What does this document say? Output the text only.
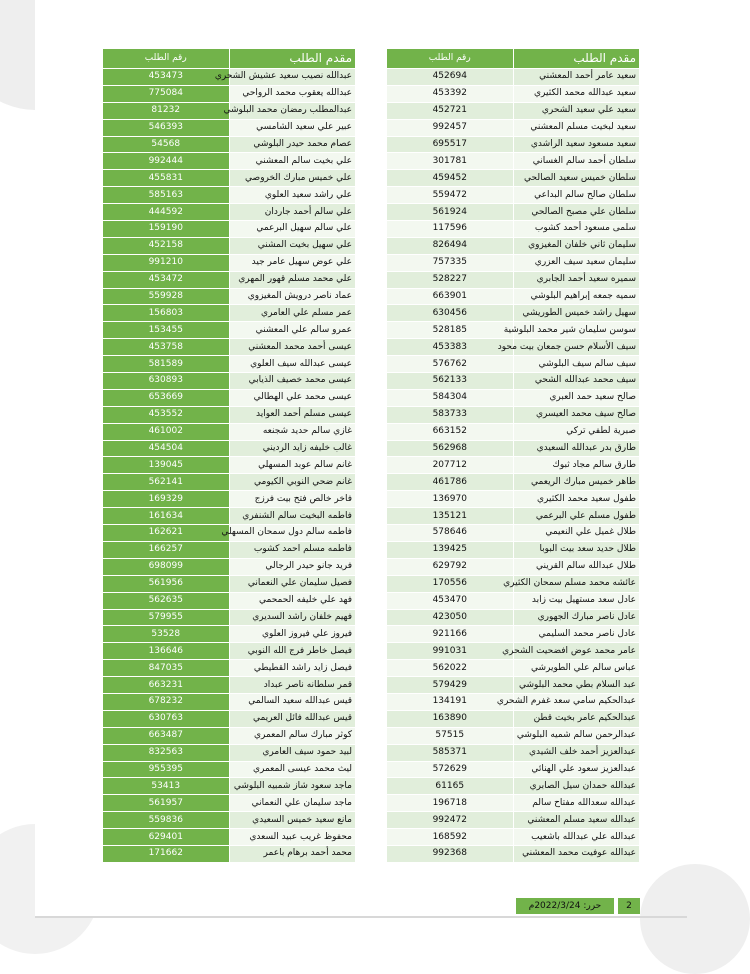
مقدم الطلب	رقم الطلب
سعيد عامر أحمد المعشني	452694
سعيد عبدالله محمد الكثيري	453392
سعيد علي سعيد الشحري	452721
سعيد لبخيت مسلم المعشني	992457
سعيد مسعود سعيد الراشدي	695517
سلطان أحمد سالم الغساني	301781
سلطان خميس سعيد الصالحي	459452
سلطان صالح سالم البداعي	559472
سلطان علي مصبح الصالحي	561924
سلمى مسعود أحمد كشوب	117596
سليمان ثاني خلفان المغيزوي	826494
سليمان سعيد سيف العزري	757335
سميره سعيد أحمد الجابري	528227
سميه جمعه إبراهيم البلوشي	663901
سهيل راشد خميس الطوريشي	630456
سوسن سليمان شير محمد البلوشية	528185
سيف الأسلام حسن جمعان بيت محود	453383
سيف سالم سيف البلوشي	576762
سيف محمد عبدالله الشحي	562133
صالح سعيد حمد العبري	584304
صالح سيف محمد العيسري	583733
صبرية لطفي تركي	663152
طارق بدر عبدالله السعيدي	562968
طارق سالم مجاد ثبوك	207712
طاهر خميس مبارك الريعمي	461786
طفول سعيد محمد الكثيري	136970
طفول مسلم علي البرعمي	135121
طلال غميل علي النعيمي	578646
طلال حديد سعد بيت البوبا	139425
طلال عبدالله سالم القريني	629792
عائشه محمد مسلم سمحان الكثيري	170556
عادل سعد مستهيل بيت زابد	453470
عادل ناصر مبارك الجهوري	423050
عادل ناصر محمد السليمي	921166
عامر محمد عوض افضحيت الشحري	991031
عباس سالم علي الطويرشي	562022
عبد السلام بطي محمد البلوشي	579429
عبدالحكيم سامي سعد غفرم الشحري	134191
عبدالحكيم عامر بخيت قطن	163890
عبدالرحمن سالم شميه البلوشي	57515
عبدالعزيز أحمد خلف الشيدي	585371
عبدالعزيز سعود علي الهنائي	572629
عبدالله حمدان سيل الصابري	61165
عبدالله سعدالله مفتاح سالم	196718
عبدالله سعيد مسلم المعشني	992472
عبدالله علي عبدالله باشعيب	168592
عبدالله عوفيت محمد المعشني	992368
مقدم الطلب	رقم الطلب
عبدالله نصيب سعيد عشيش الشحري	453473
عبدالله يعقوب محمد الرواحي	775084
عبدالمطلب رمضان محمد البلوشي	81232
عبير علي سعيد الشامسي	546393
عصام محمد حيدر البلوشي	54568
علي بخيت سالم المعشني	992444
علي خميس مبارك الخروصي	455831
علي راشد سعيد العلوي	585163
علي سالم أحمد جاردان	444592
علي سالم سهيل البرعمي	159190
علي سهيل بخيت المشني	452158
علي عوض سهيل عامر جيد	991210
علي محمد مسلم قهور المهري	453472
عماد ناصر درويش المغيزوي	559928
عمر مسلم علي العامري	156803
عمرو سالم علي المعشني	153455
عيسى أحمد محمد المعشني	453758
عيسى عبدالله سيف العلوي	581589
عيسى محمد خصيف الذيابي	630893
عيسى محمد علي الهطالي	653669
عيسى مسلم أحمد العوايد	453552
غازي سالم حديد شجنعه	461002
غالب خليفه زايد الرديني	454504
غانم سالم عوبد المسهلي	139045
غانم ضحي النوبي الكيومي	562141
فاخر خالص فتح بيت فرزج	169329
فاطمه البخيت سالم الشنفري	161634
فاطمه سالم دول سمحان المسهلي	162621
فاطمه مسلم احمد كشوب	166257
فريد جانو حيدر الرجالي	698099
فصيل سليمان علي النعماني	561956
فهد علي خليفه الحمحمي	562635
فهيم خلفان راشد السديري	579955
فيروز علي فيروز العلوي	53528
فيصل خاطر فرج الله النوبي	136646
فيصل زايد راشد القطيطي	847035
قمر سلطانه ناصر عبداد	663231
قيس عبدالله سعيد السالمي	678232
قيس عبدالله فائل العريمي	630763
كوثر مبارك سالم المعمري	663487
لبيد حمود سيف العامري	832563
ليث محمد عيسى المعمري	955395
ماجد سعود شاز شمبيه البلوشي	53413
ماجد سليمان علي النعماني	561957
مانع سعيد خميس السعيدي	559836
محفوظ غريب عبيد السعدي	629401
محمد أحمد برهام باعمر	171662
حرر: 2022/3/24م	2
